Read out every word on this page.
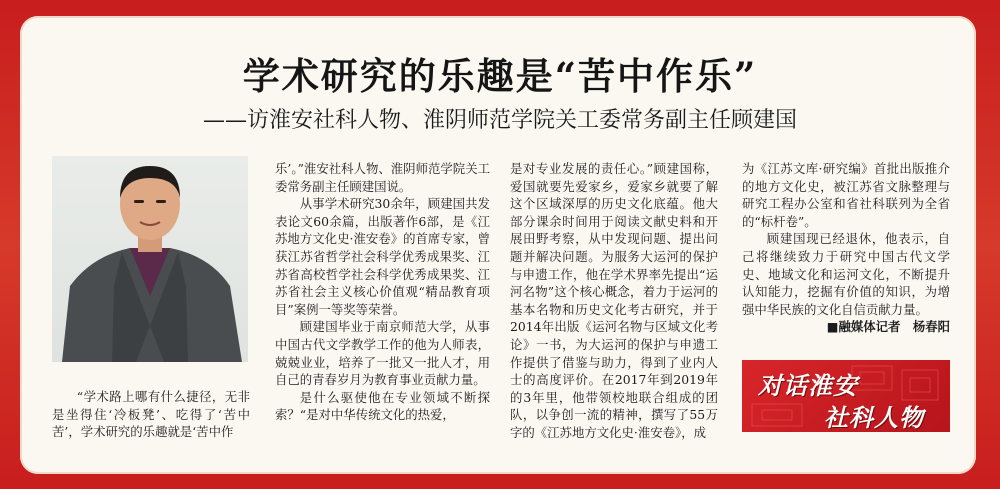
学术研究的乐趣是“苦中作乐”
——访淮安社科人物、淮阴师范学院关工委常务副主任顾建国

“学术路上哪有什么捷径，无非是坐得住‘冷板凳’、吃得了‘苦中苦’，学术研究的乐趣就是‘苦中作

乐’。”淮安社科人物、淮阴师范学院关工委常务副主任顾建国说。

从事学术研究30余年，顾建国共发表论文60余篇，出版著作6部，是《江苏地方文化史·淮安卷》的首席专家，曾获江苏省哲学社会科学优秀成果奖、江苏省高校哲学社会科学优秀成果奖、江苏省社会主义核心价值观“精品教育项目”案例一等奖等荣誉。

顾建国毕业于南京师范大学，从事中国古代文学教学工作的他为人师表，兢兢业业，培养了一批又一批人才，用自己的青春岁月为教育事业贡献力量。

是什么驱使他在专业领域不断探索？“是对中华传统文化的热爱，

是对专业发展的责任心。”顾建国称，爱国就要先爱家乡，爱家乡就要了解这个区域深厚的历史文化底蕴。他大部分课余时间用于阅读文献史料和开展田野考察，从中发现问题、提出问题并解决问题。为服务大运河的保护与申遗工作，他在学术界率先提出“运河名物”这个核心概念，着力于运河的基本名物和历史文化考古研究，并于2014年出版《运河名物与区域文化考论》一书，为大运河的保护与申遗工作提供了借鉴与助力，得到了业内人士的高度评价。在2017年到2019年的3年里，他带领校地联合组成的团队，以争创一流的精神，撰写了55万字的《江苏地方文化史·淮安卷》，成

为《江苏文库·研究编》首批出版推介的地方文化史，被江苏省文脉整理与研究工程办公室和省社科联列为全省的“标杆卷”。

顾建国现已经退休，他表示，自己将继续致力于研究中国古代文学史、地域文化和运河文化，不断提升认知能力，挖掘有价值的知识，为增强中华民族的文化自信贡献力量。

■融媒体记者　杨春阳

对话淮安
社科人物
